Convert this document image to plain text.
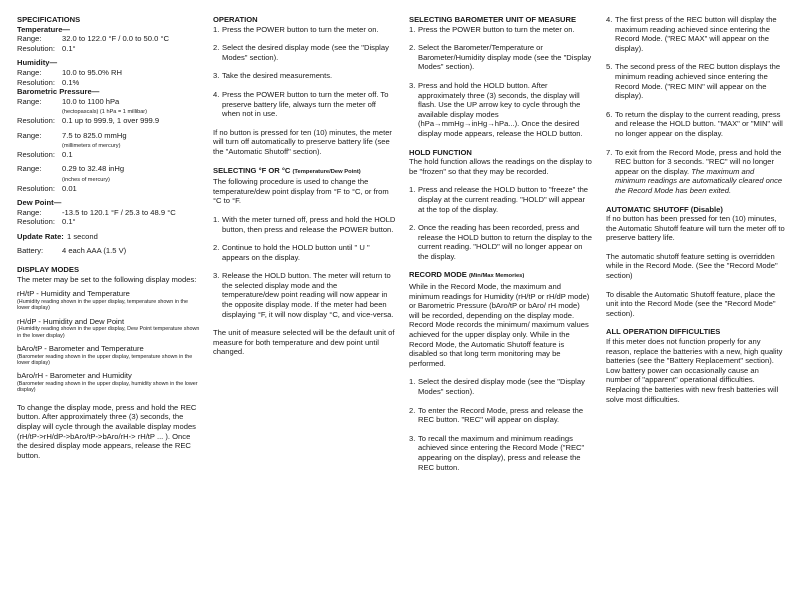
SPECIFICATIONS
Temperature—
Range:	32.0 to 122.0 °F / 0.0 to 50.0 °C
Resolution: 0.1°
Humidity—
Range:	10.0 to 95.0% RH
Resolution: 0.1%
Barometric Pressure—
Range:	10.0 to 1100 hPa
(hectopascals) (1 hPa = 1 millibar)
Resolution: 0.1 up to 999.9, 1 over 999.9
Range:	7.5 to 825.0 mmHg
(millimeters of mercury)
Resolution: 0.1
Range:	0.29 to 32.48 inHg
(inches of mercury)
Resolution: 0.01
Dew Point—
Range:	-13.5 to 120.1 °F / 25.3 to 48.9 °C
Resolution: 0.1°
Update Rate: 1 second
Battery:	4 each AAA (1.5 V)
DISPLAY MODES

The meter may be set to the following display modes:

rH/tP - Humidity and Temperature

(Humidity reading shown in the upper display, temperature shown in the lower display)

rH/dP - Humidity and Dew Point

(Humidity reading shown in the upper display, Dew Point temperature shown in the lower display)

bAro/tP - Barometer and Temperature

(Barometer reading shown in the upper display, temperature shown in the lower display)

bAro/rH - Barometer and Humidity

(Barometer reading shown in the upper display, humidity shown in the lower display)

To change the display mode, press and hold the REC button. After approximately three (3) seconds, the display will cycle through the available display modes (rH/tP->rH/dP->bAro/tP->bAro/rH-> rH/tP ... ). Once the desired display mode appears, release the REC button.

OPERATION
1. Press the POWER button to turn the meter on.
2. Select the desired display mode (see the "Display Modes" section).
3. Take the desired measurements.
4. Press the POWER button to turn the meter off. To preserve battery life, always turn the meter off when not in use.

If no button is pressed for ten (10) minutes, the meter will turn off automatically to preserve battery life (see the "Automatic Shutoff" section).

SELECTING °F OR °C (Temperature/Dew Point)

The following procedure is used to change the temperature/dew point display from °F to °C, or from °C to °F.

1. With the meter turned off, press and hold the HOLD button, then press and release the POWER button.
2. Continue to hold the HOLD button until " U " appears on the display.
3. Release the HOLD button. The meter will return to the selected display mode and the temperature/dew point reading will now appear in the opposite display mode. If the meter had been displaying °F, it will now display °C, and vice-versa.

The unit of measure selected will be the default unit of measure for both temperature and dew point until changed.

SELECTING BAROMETER UNIT OF MEASURE
1. Press the POWER button to turn the meter on.
2. Select the Barometer/Temperature or Barometer/Humidity display mode (see the "Display Modes" section).
3. Press and hold the HOLD button. After approximately three (3) seconds, the display will flash. Use the UP arrow key to cycle through the available display modes (hPa→mmHg→inHg→hPa...). Once the desired display mode appears, release the HOLD button.
HOLD FUNCTION

The hold function allows the readings on the display to be "frozen" so that they may be recorded.

1. Press and release the HOLD button to "freeze" the display at the current reading. "HOLD" will appear at the top of the display.
2. Once the reading has been recorded, press and release the HOLD button to return the display to the current reading. "HOLD" will no longer appear on the display.
RECORD MODE (Min/Max Memories)

While in the Record Mode, the maximum and minimum readings for Humidity (rH/tP or rH/dP mode) or Barometric Pressure (bAro/tP or bAro/ rH mode) will be recorded, depending on the display mode. Record Mode records the minimum/ maximum values achieved for the upper display only. While in the Record Mode, the Automatic Shutoff feature is disabled so that long term monitoring may be performed.

1. Select the desired display mode (see the "Display Modes" section).
2. To enter the Record Mode, press and release the REC button. "REC" will appear on display.
3. To recall the maximum and minimum readings achieved since entering the Record Mode ("REC" appearing on the display), press and release the REC button.
4. The first press of the REC button will display the maximum reading achieved since entering the Record Mode. ("REC MAX" will appear on the display).
5. The second press of the REC button displays the minimum reading achieved since entering the Record Mode. ("REC MIN" will appear on the display).
6. To return the display to the current reading, press and release the HOLD button. "MAX" or "MIN" will no longer appear on the display.
7. To exit from the Record Mode, press and hold the REC button for 3 seconds. "REC" will no longer appear on the display. The maximum and minimum readings are automatically cleared once the Record Mode has been exited.
AUTOMATIC SHUTOFF (Disable)

If no button has been pressed for ten (10) minutes, the Automatic Shutoff feature will turn the meter off to preserve battery life.

The automatic shutoff feature setting is overridden while in the Record Mode. (See the "Record Mode" section)

To disable the Automatic Shutoff feature, place the unit into the Record Mode (see the "Record Mode" section).

ALL OPERATION DIFFICULTIES

If this meter does not function properly for any reason, replace the batteries with a new, high quality batteries (see the "Battery Replacement" section). Low battery power can occasionally cause an number of "apparent" operational difficulties. Replacing the batteries with new fresh batteries will solve most difficulties.
